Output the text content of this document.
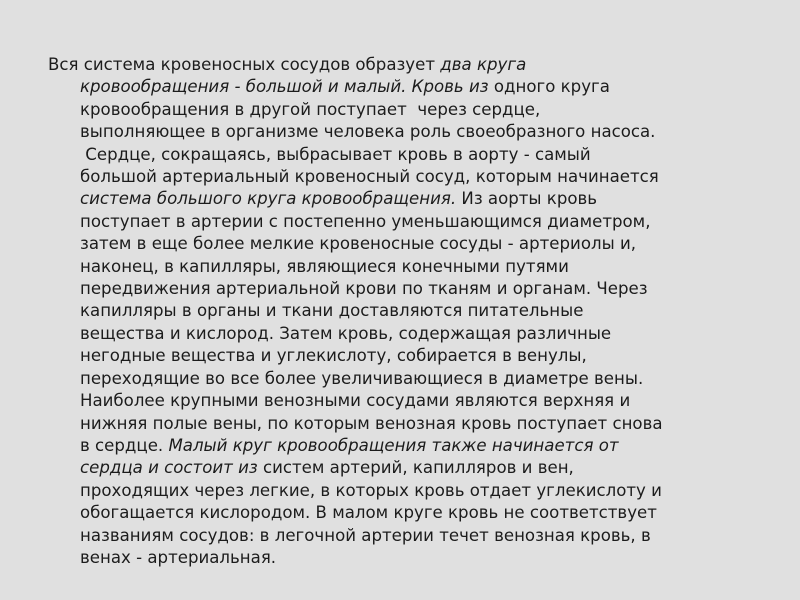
Вся система кровеносных сосудов образует два круга
кровообращения - большой и малый. Кровь из одного круга
кровообращения в другой поступает  через сердце,
выполняющее в организме человека роль своеобразного насоса.
Сердце, сокращаясь, выбрасывает кровь в аорту - самый
большой артериальный кровеносный сосуд, которым начинается
система большого круга кровообращения. Из аорты кровь
поступает в артерии с постепенно уменьшающимся диаметром,
затем в еще более мелкие кровеносные сосуды - артериолы и,
наконец, в капилляры, являющиеся конечными путями
передвижения артериальной крови по тканям и органам. Через
капилляры в органы и ткани доставляются питательные
вещества и кислород. Затем кровь, содержащая различные
негодные вещества и углекислоту, собирается в венулы,
переходящие во все более увеличивающиеся в диаметре вены.
Наиболее крупными венозными сосудами являются верхняя и
нижняя полые вены, по которым венозная кровь поступает снова
в сердце. Малый круг кровообращения также начинается от
сердца и состоит из систем артерий, капилляров и вен,
проходящих через легкие, в которых кровь отдает углекислоту и
обогащается кислородом. В малом круге кровь не соответствует
названиям сосудов: в легочной артерии течет венозная кровь, в
венах - артериальная.
